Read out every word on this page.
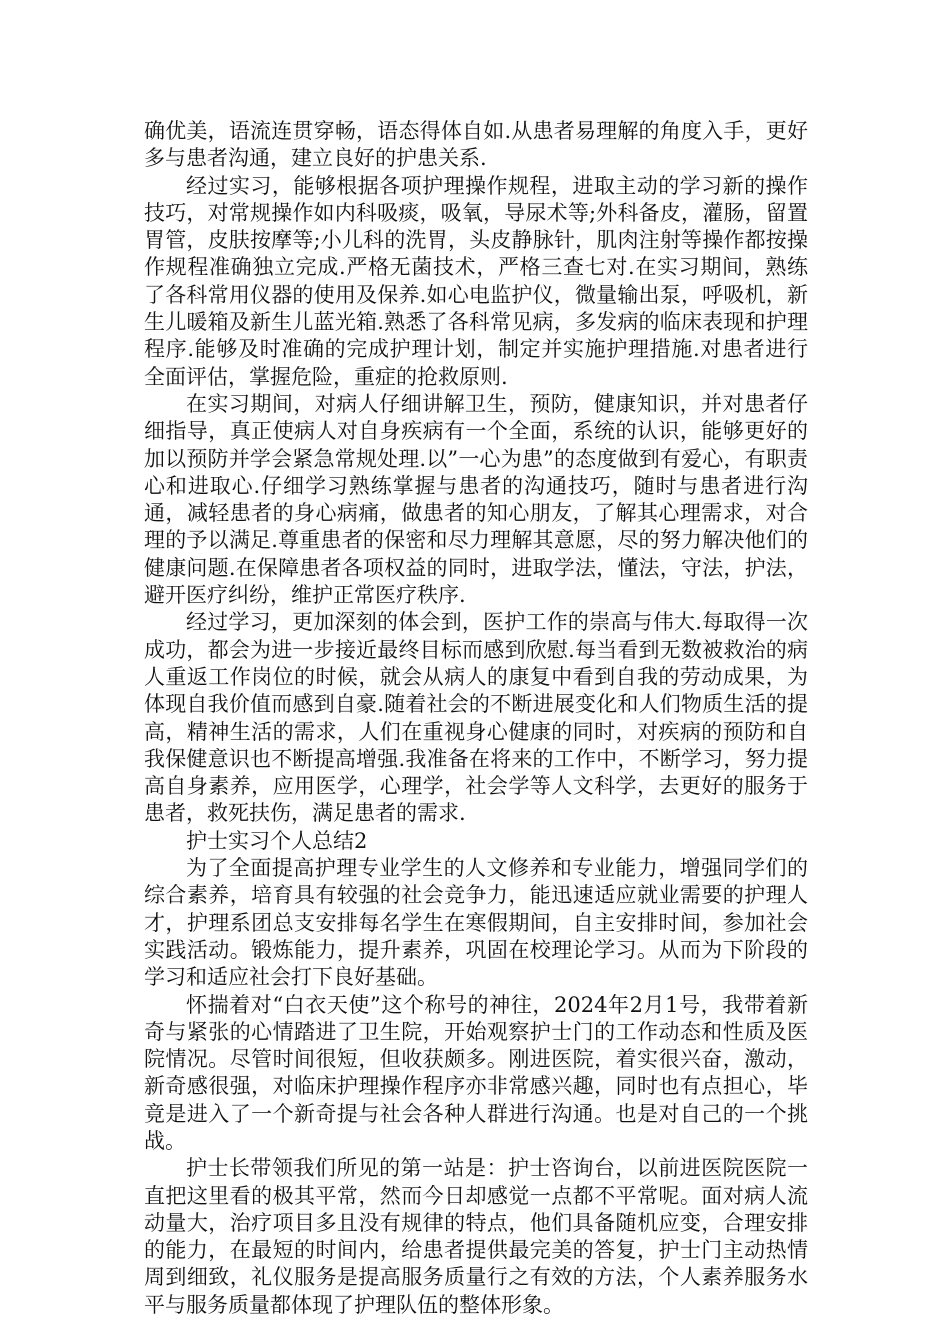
确优美，语流连贯穿畅，语态得体自如.从患者易理解的角度入手，更好多与患者沟通，建立良好的护患关系.

经过实习，能够根据各项护理操作规程，进取主动的学习新的操作技巧，对常规操作如内科吸痰，吸氧，导尿术等;外科备皮，灌肠，留置胃管，皮肤按摩等;小儿科的洗胃，头皮静脉针，肌肉注射等操作都按操作规程准确独立完成.严格无菌技术，严格三查七对.在实习期间，熟练了各科常用仪器的使用及保养.如心电监护仪，微量输出泵，呼吸机，新生儿暖箱及新生儿蓝光箱.熟悉了各科常见病，多发病的临床表现和护理程序.能够及时准确的完成护理计划，制定并实施护理措施.对患者进行全面评估，掌握危险，重症的抢救原则.

在实习期间，对病人仔细讲解卫生，预防，健康知识，并对患者仔细指导，真正使病人对自身疾病有一个全面，系统的认识，能够更好的加以预防并学会紧急常规处理.以”一心为患”的态度做到有爱心，有职责心和进取心.仔细学习熟练掌握与患者的沟通技巧，随时与患者进行沟通，减轻患者的身心病痛，做患者的知心朋友，了解其心理需求，对合理的予以满足.尊重患者的保密和尽力理解其意愿，尽的努力解决他们的健康问题.在保障患者各项权益的同时，进取学法，懂法，守法，护法，避开医疗纠纷，维护正常医疗秩序.

经过学习，更加深刻的体会到，医护工作的崇高与伟大.每取得一次成功，都会为进一步接近最终目标而感到欣慰.每当看到无数被救治的病人重返工作岗位的时候，就会从病人的康复中看到自我的劳动成果，为体现自我价值而感到自豪.随着社会的不断进展变化和人们物质生活的提高，精神生活的需求，人们在重视身心健康的同时，对疾病的预防和自我保健意识也不断提高增强.我准备在将来的工作中，不断学习，努力提高自身素养，应用医学，心理学，社会学等人文科学，去更好的服务于患者，救死扶伤，满足患者的需求.

护士实习个人总结2

为了全面提高护理专业学生的人文修养和专业能力，增强同学们的综合素养，培育具有较强的社会竞争力，能迅速适应就业需要的护理人才，护理系团总支安排每名学生在寒假期间，自主安排时间，参加社会实践活动。锻炼能力，提升素养，巩固在校理论学习。从而为下阶段的学习和适应社会打下良好基础。

怀揣着对“白衣天使”这个称号的神往，2024年2月1号，我带着新奇与紧张的心情踏进了卫生院，开始观察护士门的工作动态和性质及医院情况。尽管时间很短，但收获颇多。刚进医院，着实很兴奋，激动，新奇感很强，对临床护理操作程序亦非常感兴趣，同时也有点担心，毕竟是进入了一个新奇提与社会各种人群进行沟通。也是对自己的一个挑战。

护士长带领我们所见的第一站是：护士咨询台，以前进医院医院一直把这里看的极其平常，然而今日却感觉一点都不平常呢。面对病人流动量大，治疗项目多且没有规律的特点，他们具备随机应变，合理安排的能力，在最短的时间内，给患者提供最完美的答复，护士门主动热情周到细致，礼仪服务是提高服务质量行之有效的方法，个人素养服务水平与服务质量都体现了护理队伍的整体形象。
